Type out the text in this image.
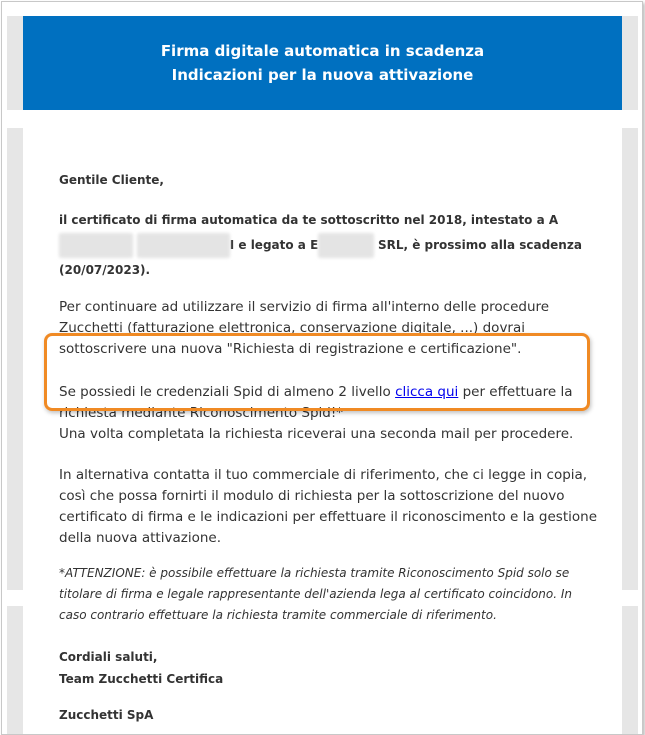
Firma digitale automatica in scadenza
Indicazioni per la nuova attivazione

Gentile Cliente,

il certificato di firma automatica da te sottoscritto nel 2018, intestato a A I e legato a E	SRL, è prossimo alla scadenza (20/07/2023).

Per continuare ad utilizzare il servizio di firma all'interno delle procedure Zucchetti (fatturazione elettronica, conservazione digitale, ...) dovrai sottoscrivere una nuova "Richiesta di registrazione e certificazione".

Se possiedi le credenziali Spid di almeno 2 livello clicca qui per effettuare la richiesta mediante Riconoscimento Spid!*
Una volta completata la richiesta riceverai una seconda mail per procedere.

In alternativa contatta il tuo commerciale di riferimento, che ci legge in copia, così che possa fornirti il modulo di richiesta per la sottoscrizione del nuovo certificato di firma e le indicazioni per effettuare il riconoscimento e la gestione della nuova attivazione.

*ATTENZIONE: è possibile effettuare la richiesta tramite Riconoscimento Spid solo se titolare di firma e legale rappresentante dell'azienda lega al certificato coincidono. In caso contrario effettuare la richiesta tramite commerciale di riferimento.

Cordiali saluti,
Team Zucchetti Certifica
Zucchetti SpA
